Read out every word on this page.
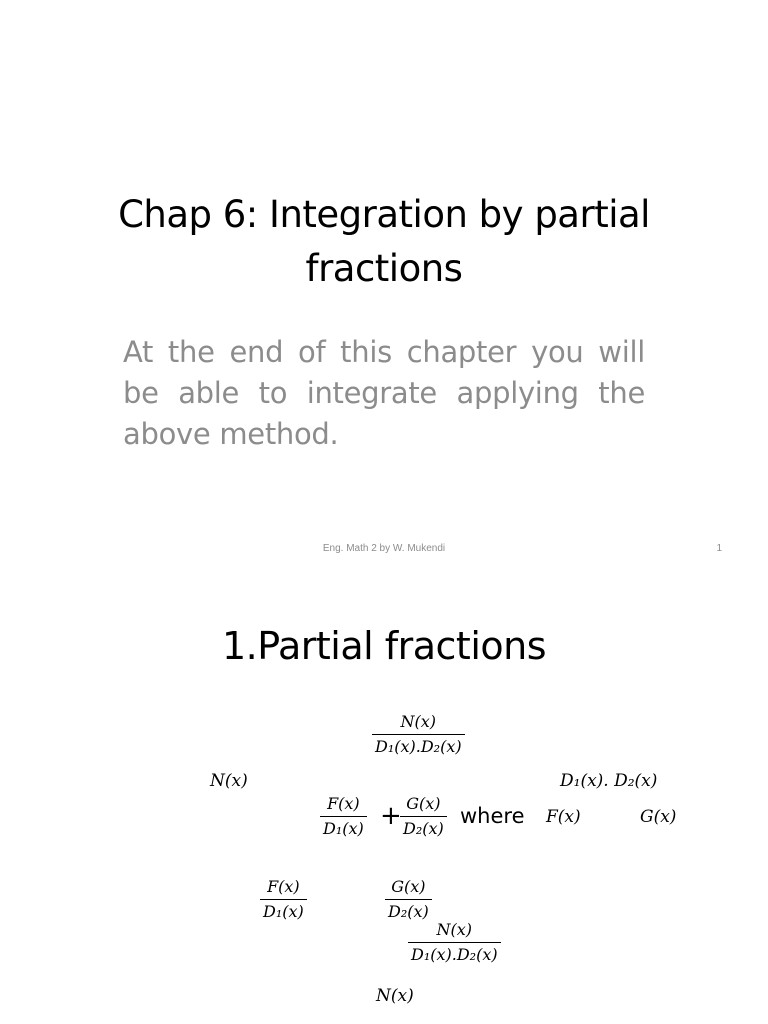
Chap 6: Integration by partial fractions
At the end of this chapter you will be able to integrate applying the above method.
Eng. Math 2 by W. Mukendi	1
1.Partial fractions
$\frac{N(x)}{\text{D₁(x).D₂(x)}}$
N(x)	D₁(x). D₂(x)
$\frac{F(x)}{\text{D₁(x)}}$ +
$\frac{G(x)}{\text{D₂(x)}}$ where F(x)	G(x)
$\frac{F(x)}{\text{D₁(x)}}$	$\frac{G(x)}{\text{D₂(x)}}$
$\frac{N(x)}{\text{D₁(x).D₂(x)}}$
N(x)
